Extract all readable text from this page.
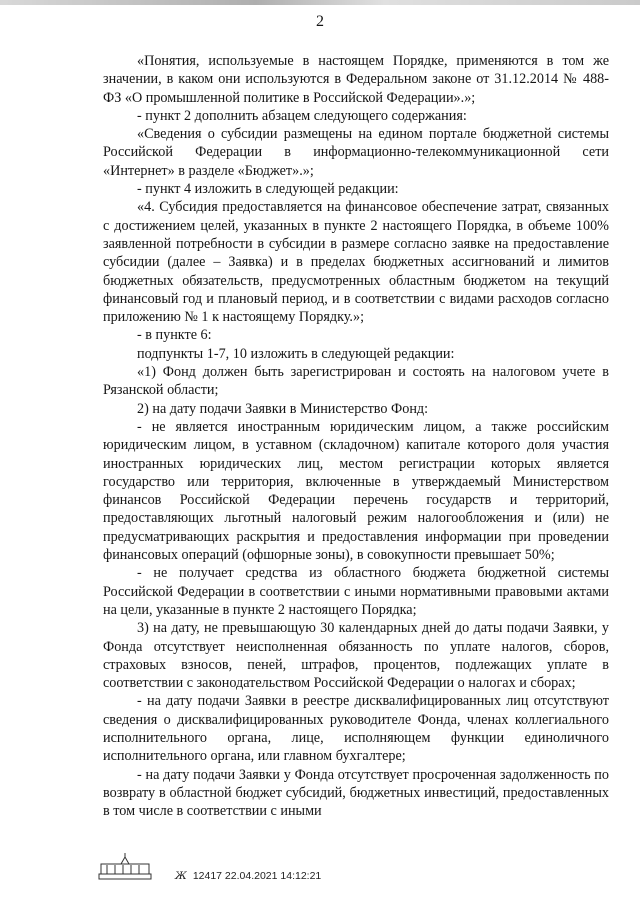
2

«Понятия, используемые в настоящем Порядке, применяются в том же значении, в каком они используются в Федеральном законе от 31.12.2014 № 488-ФЗ «О промышленной политике в Российской Федерации».»;

- пункт 2 дополнить абзацем следующего содержания:

«Сведения о субсидии размещены на едином портале бюджетной системы Российской Федерации в информационно-телекоммуникационной сети «Интернет» в разделе «Бюджет».»;

- пункт 4 изложить в следующей редакции:

«4. Субсидия предоставляется на финансовое обеспечение затрат, связанных с достижением целей, указанных в пункте 2 настоящего Порядка, в объеме 100% заявленной потребности в субсидии в размере согласно заявке на предоставление субсидии (далее – Заявка) и в пределах бюджетных ассигнований и лимитов бюджетных обязательств, предусмотренных областным бюджетом на текущий финансовый год и плановый период, и в соответствии с видами расходов согласно приложению № 1 к настоящему Порядку.»;

- в пункте 6:

подпункты 1-7, 10 изложить в следующей редакции:

«1) Фонд должен быть зарегистрирован и состоять на налоговом учете в Рязанской области;

2) на дату подачи Заявки в Министерство Фонд:

- не является иностранным юридическим лицом, а также российским юридическим лицом, в уставном (складочном) капитале которого доля участия иностранных юридических лиц, местом регистрации которых является государство или территория, включенные в утверждаемый Министерством финансов Российской Федерации перечень государств и территорий, предоставляющих льготный налоговый режим налогообложения и (или) не предусматривающих раскрытия и предоставления информации при проведении финансовых операций (офшорные зоны), в совокупности превышает 50%;

- не получает средства из областного бюджета бюджетной системы Российской Федерации в соответствии с иными нормативными правовыми актами на цели, указанные в пункте 2 настоящего Порядка;

3) на дату, не превышающую 30 календарных дней до даты подачи Заявки, у Фонда отсутствует неисполненная обязанность по уплате налогов, сборов, страховых взносов, пеней, штрафов, процентов, подлежащих уплате в соответствии с законодательством Российской Федерации о налогах и сборах;

- на дату подачи Заявки в реестре дисквалифицированных лиц отсутствуют сведения о дисквалифицированных руководителе Фонда, членах коллегиального исполнительного органа, лице, исполняющем функции единоличного исполнительного органа, или главном бухгалтере;

- на дату подачи Заявки у Фонда отсутствует просроченная задолженность по возврату в областной бюджет субсидий, бюджетных инвестиций, предоставленных в том числе в соответствии с иными

Ж 12417 22.04.2021 14:12:21
